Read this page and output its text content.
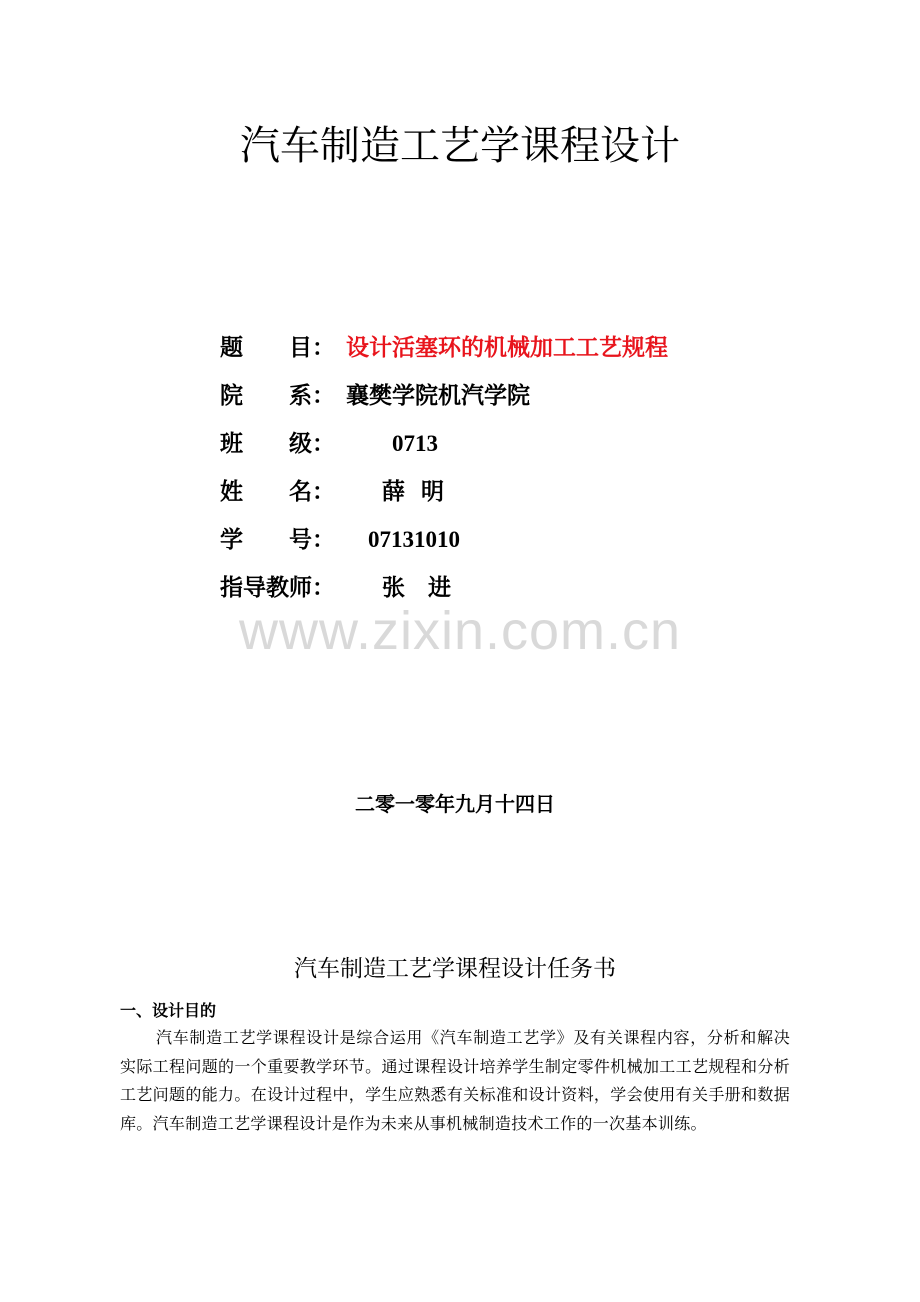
汽车制造工艺学课程设计
题　　目： 设计活塞环的机械加工工艺规程
院　　系： 襄樊学院机汽学院
班　　级： 0713
姓　　名： 薛  明
学　　号： 07131010
指导教师： 张　进
www.zixin.com.cn
二零一零年九月十四日
汽车制造工艺学课程设计任务书
一、设计目的
汽车制造工艺学课程设计是综合运用《汽车制造工艺学》及有关课程内容，分析和解决实际工程问题的一个重要教学环节。通过课程设计培养学生制定零件机械加工工艺规程和分析工艺问题的能力。在设计过程中，学生应熟悉有关标准和设计资料，学会使用有关手册和数据库。汽车制造工艺学课程设计是作为未来从事机械制造技术工作的一次基本训练。
